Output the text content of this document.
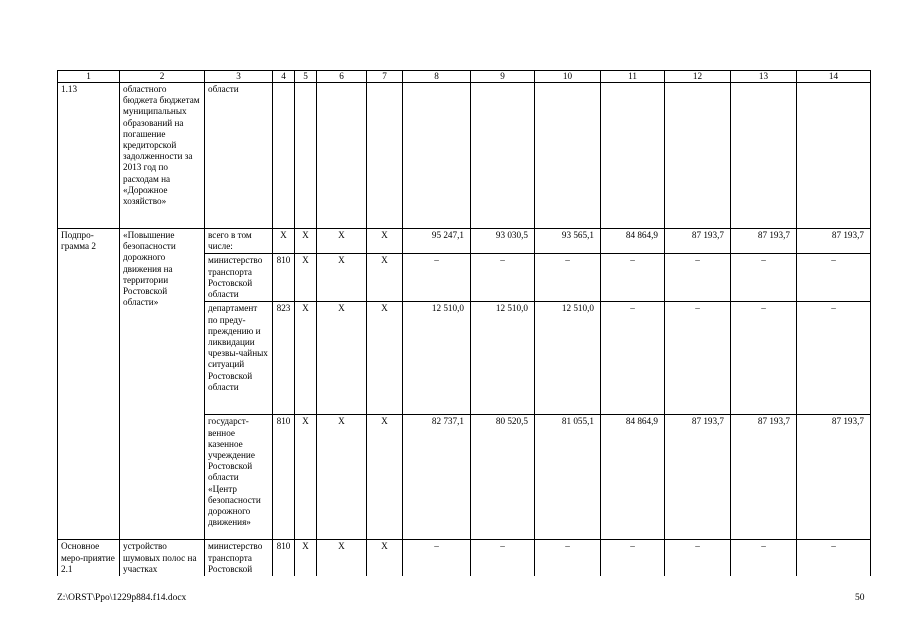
1	2	3	4	5	6	7	8	9	10	11	12	13	14
1.13	областного бюджета бюджетам муниципальных образований на погашение кредиторской задолженности за 2013 год по расходам на «Дорожное хозяйство»	области											
Подпро-грамма 2	«Повышение безопасности дорожного движения на территории Ростовской области»	всего в том числе:	X	X	X	X	95 247,1	93 030,5	93 565,1	84 864,9	87 193,7	87 193,7	87 193,7
		министерство транспорта Ростовской области	810	X	X	X	–	–	–	–	–	–	–
		департамент по преду-преждению и ликвидации чрезвы-чайных ситуаций Ростовской области	823	X	X	X	12 510,0	12 510,0	12 510,0	–	–	–	–
		государст-венное казенное учреждение Ростовской области «Центр безопасности дорожного движения»	810	X	X	X	82 737,1	80 520,5	81 055,1	84 864,9	87 193,7	87 193,7	87 193,7
Основное меро-приятие 2.1	устройство шумовых полос на участках	министерство транспорта Ростовской	810	X	X	X	–	–	–	–	–	–	–
Z:\ORST\Ppo\1229p884.f14.docx	50
